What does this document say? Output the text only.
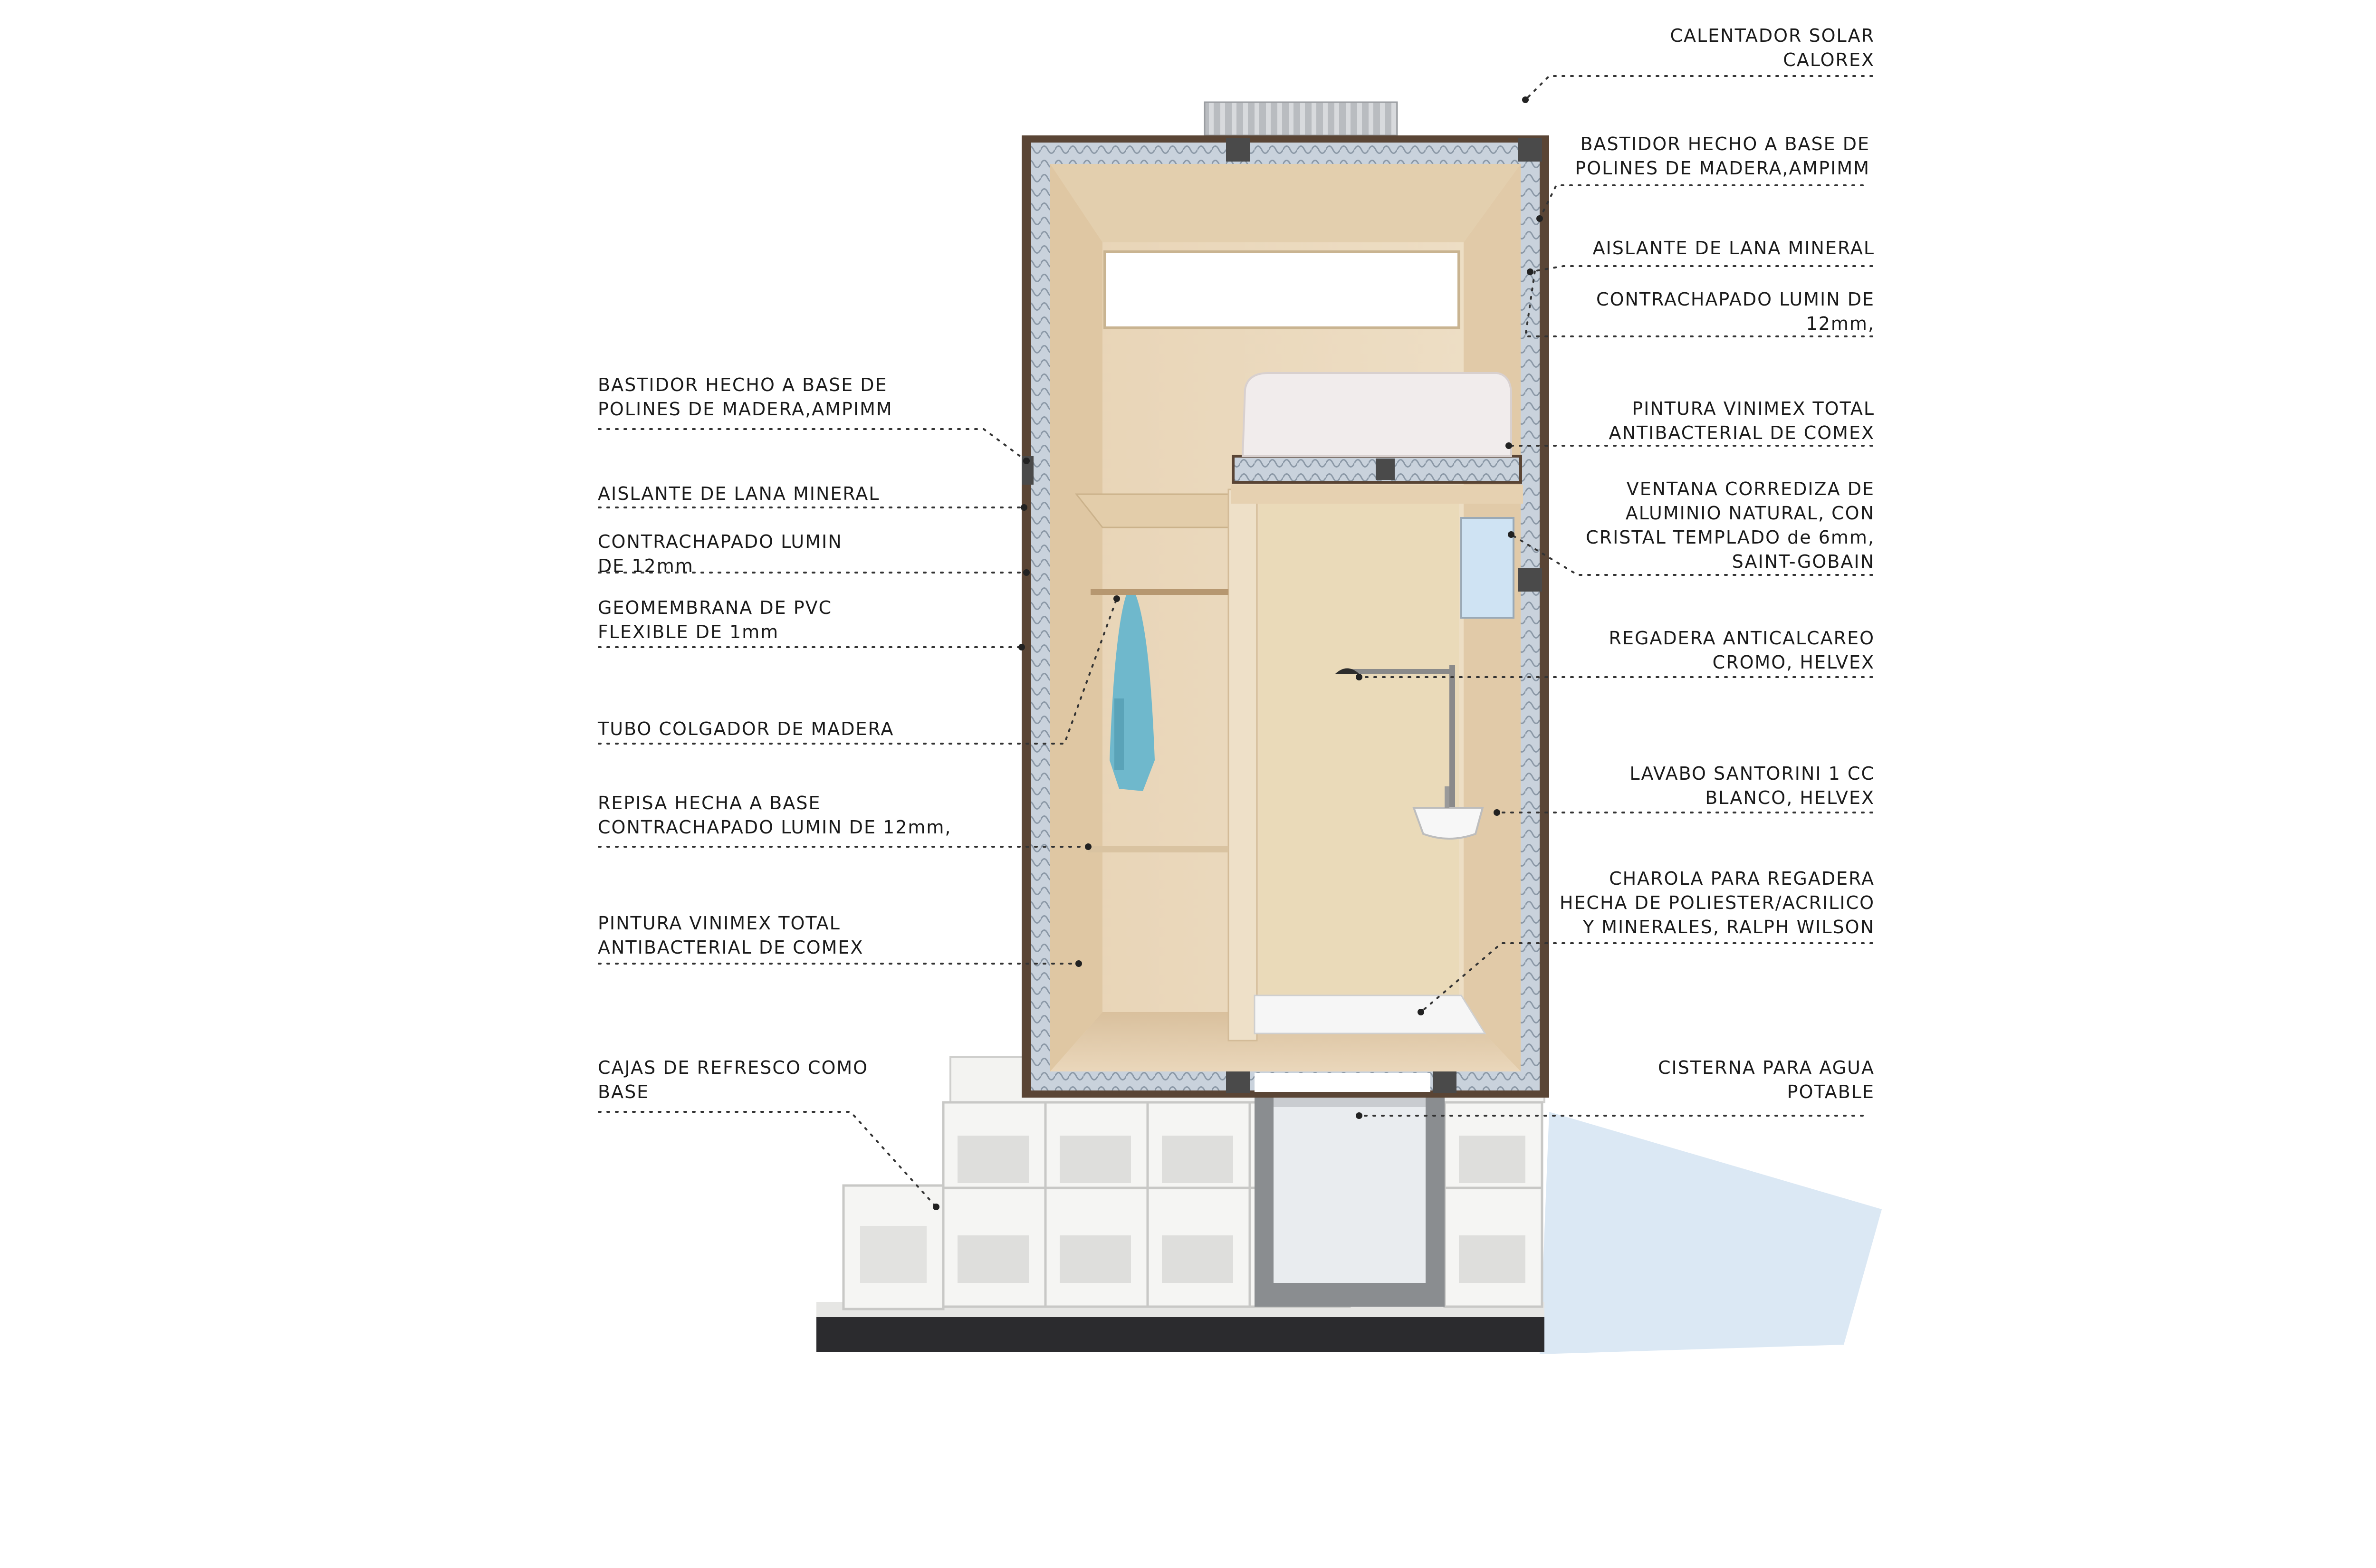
BASTIDOR HECHO A BASE DE
POLINES DE MADERA,AMPIMM
AISLANTE DE LANA MINERAL
CONTRACHAPADO LUMIN
DE 12mm
GEOMEMBRANA DE PVC
FLEXIBLE DE 1mm
TUBO COLGADOR DE MADERA
REPISA HECHA A BASE
CONTRACHAPADO LUMIN DE 12mm,
PINTURA VINIMEX TOTAL
ANTIBACTERIAL DE COMEX
CAJAS DE REFRESCO COMO
BASE
CALENTADOR SOLAR
CALOREX
BASTIDOR HECHO A BASE DE
POLINES DE MADERA,AMPIMM
AISLANTE DE LANA MINERAL
CONTRACHAPADO LUMIN DE
12mm,
PINTURA VINIMEX TOTAL
ANTIBACTERIAL DE COMEX
VENTANA CORREDIZA DE
ALUMINIO NATURAL, CON
CRISTAL TEMPLADO de 6mm,
SAINT-GOBAIN
REGADERA ANTICALCAREO
CROMO, HELVEX
LAVABO SANTORINI 1 CC
BLANCO, HELVEX
CHAROLA PARA REGADERA
HECHA DE POLIESTER/ACRILICO
Y MINERALES, RALPH WILSON
CISTERNA PARA AGUA
POTABLE
